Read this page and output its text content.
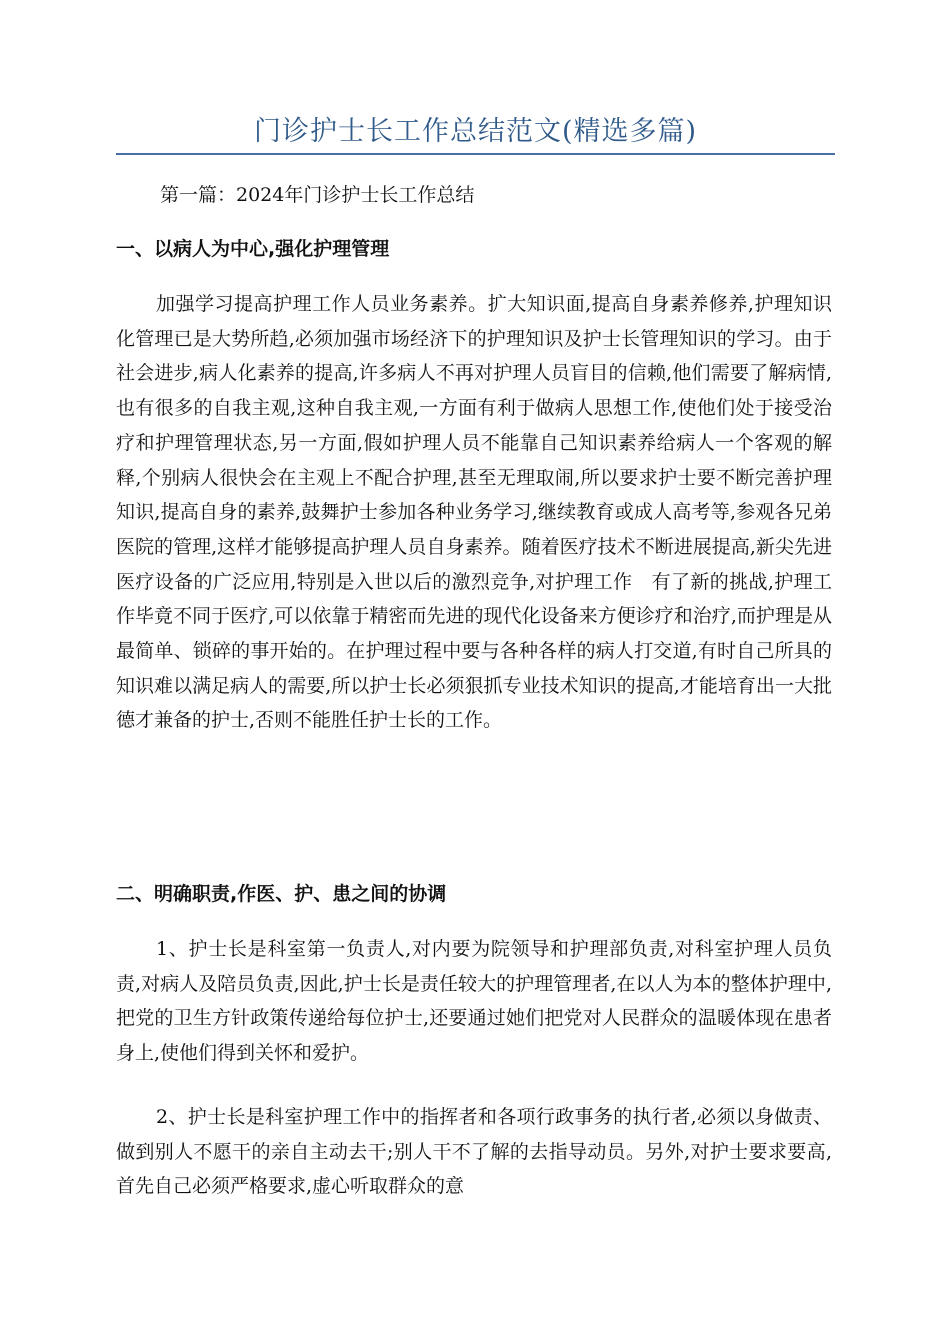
门诊护士长工作总结范文(精选多篇)
第一篇：2024年门诊护士长工作总结
一、以病人为中心,强化护理管理

加强学习提高护理工作人员业务素养。扩大知识面,提高自身素养修养,护理知识化管理已是大势所趋,必须加强市场经济下的护理知识及护士长管理知识的学习。由于社会进步,病人化素养的提高,许多病人不再对护理人员盲目的信赖,他们需要了解病情,也有很多的自我主观,这种自我主观,一方面有利于做病人思想工作,使他们处于接受治疗和护理管理状态,另一方面,假如护理人员不能靠自己知识素养给病人一个客观的解释,个别病人很快会在主观上不配合护理,甚至无理取闹,所以要求护士要不断完善护理知识,提高自身的素养,鼓舞护士参加各种业务学习,继续教育或成人高考等,参观各兄弟医院的管理,这样才能够提高护理人员自身素养。随着医疗技术不断进展提高,新尖先进医疗设备的广泛应用,特别是入世以后的激烈竞争,对护理工作　有了新的挑战,护理工作毕竟不同于医疗,可以依靠于精密而先进的现代化设备来方便诊疗和治疗,而护理是从最简单、锁碎的事开始的。在护理过程中要与各种各样的病人打交道,有时自己所具的知识难以满足病人的需要,所以护士长必须狠抓专业技术知识的提高,才能培育出一大批德才兼备的护士,否则不能胜任护士长的工作。

二、明确职责,作医、护、患之间的协调

1、护士长是科室第一负责人,对内要为院领导和护理部负责,对科室护理人员负责,对病人及陪员负责,因此,护士长是责任较大的护理管理者,在以人为本的整体护理中,把党的卫生方针政策传递给每位护士,还要通过她们把党对人民群众的温暖体现在患者身上,使他们得到关怀和爱护。

2、护士长是科室护理工作中的指挥者和各项行政事务的执行者,必须以身做责、做到别人不愿干的亲自主动去干;别人干不了解的去指导动员。另外,对护士要求要高,首先自己必须严格要求,虚心听取群众的意
